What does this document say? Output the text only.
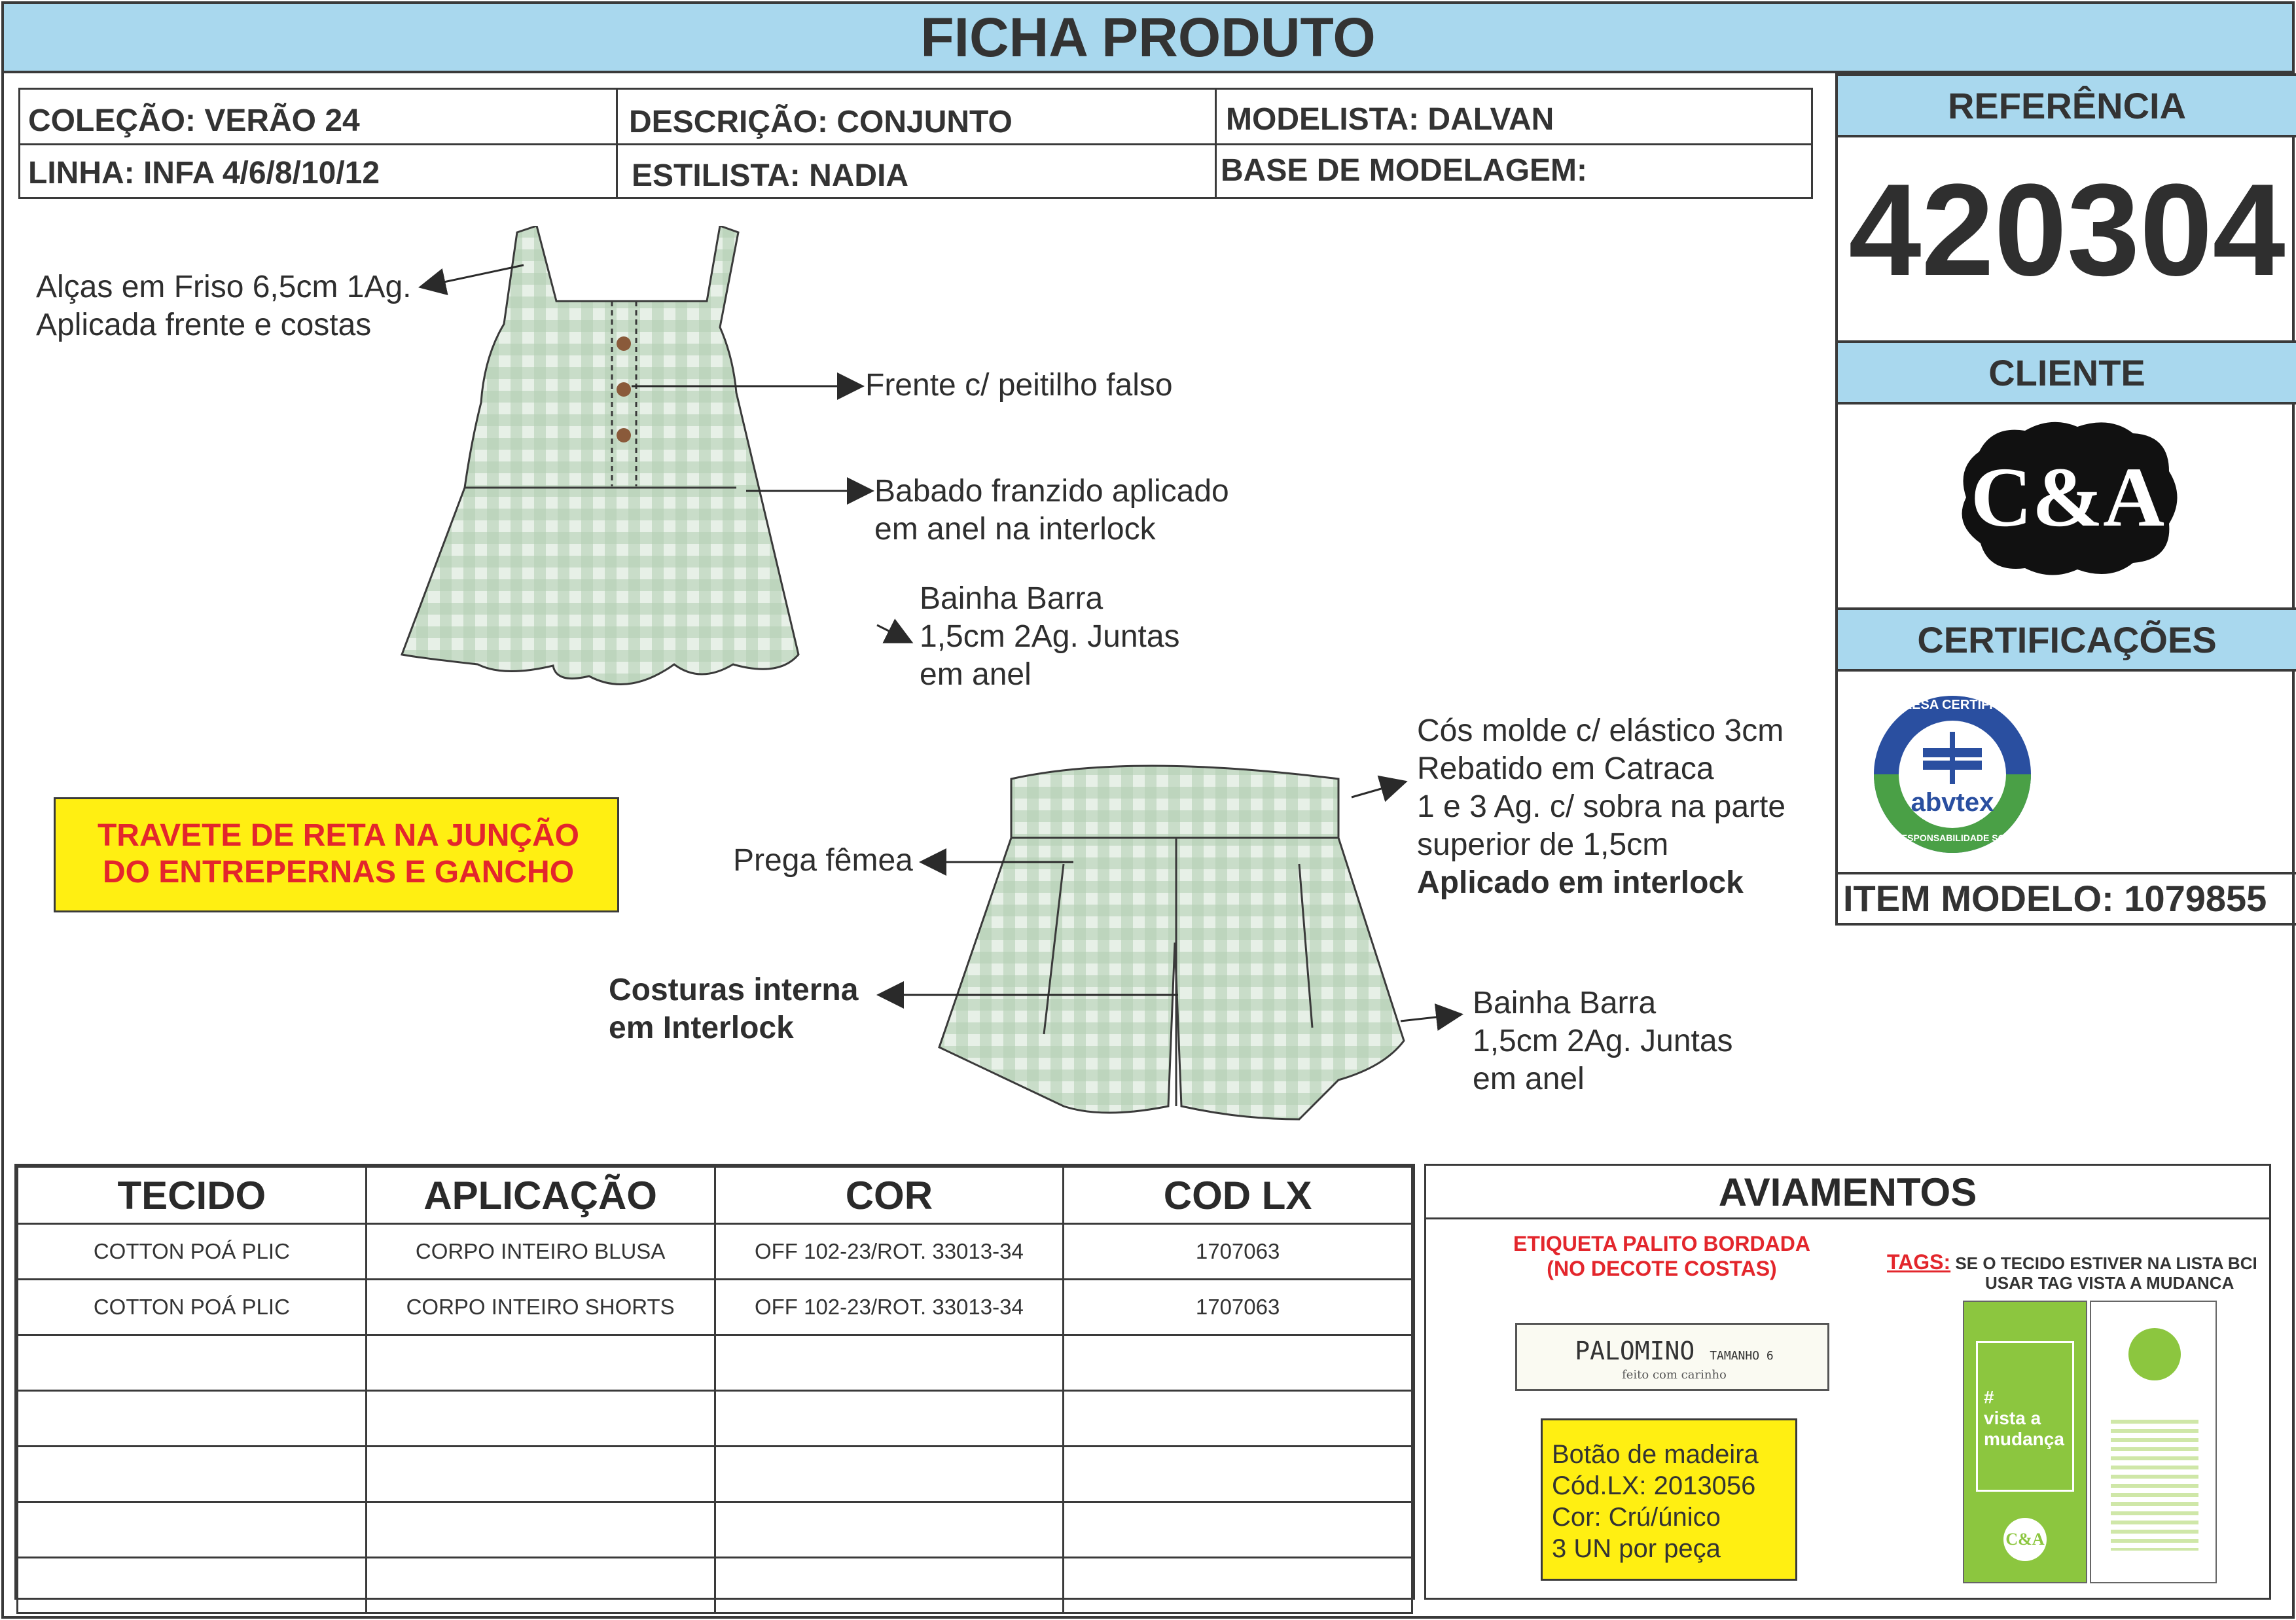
FICHA PRODUTO
COLEÇÃO: VERÃO 24	DESCRIÇÃO: CONJUNTO	MODELISTA: DALVAN
LINHA: INFA 4/6/8/10/12	ESTILISTA: NADIA	BASE DE MODELAGEM:
REFERÊNCIA
420304
CLIENTE
C&A
CERTIFICAÇÕES
EMPRESA CERTIFICADA
abvtex
EM RESPONSABILIDADE SOCIAL
ITEM MODELO: 1079855
Alças em Friso 6,5cm 1Ag.
Aplicada frente e costas
Frente c/ peitilho falso
Babado franzido aplicado
em anel na interlock
Bainha Barra
1,5cm 2Ag. Juntas
em anel
Cós molde c/ elástico 3cm
Rebatido em Catraca
1 e 3 Ag. c/ sobra na parte
superior de 1,5cm
Aplicado em interlock
Prega fêmea
Costuras interna
em Interlock
Bainha Barra
1,5cm 2Ag. Juntas
em anel
TRAVETE DE RETA NA JUNÇÃO
DO ENTREPERNAS E GANCHO
TECIDO	APLICAÇÃO	COR	COD LX
COTTON POÁ PLIC	CORPO INTEIRO BLUSA	OFF 102-23/ROT. 33013-34	1707063
COTTON POÁ PLIC	CORPO INTEIRO SHORTS	OFF 102-23/ROT. 33013-34	1707063

AVIAMENTOS
ETIQUETA PALITO BORDADA
(NO DECOTE COSTAS)
PALOMINO TAMANHO 6
feito com carinho
Botão de madeira
Cód.LX: 2013056
Cor: Crú/único
3 UN por peça
TAGS: SE O TECIDO ESTIVER NA LISTA BCI
USAR TAG VISTA A MUDANCA
#
vista a
mudança
C&A
